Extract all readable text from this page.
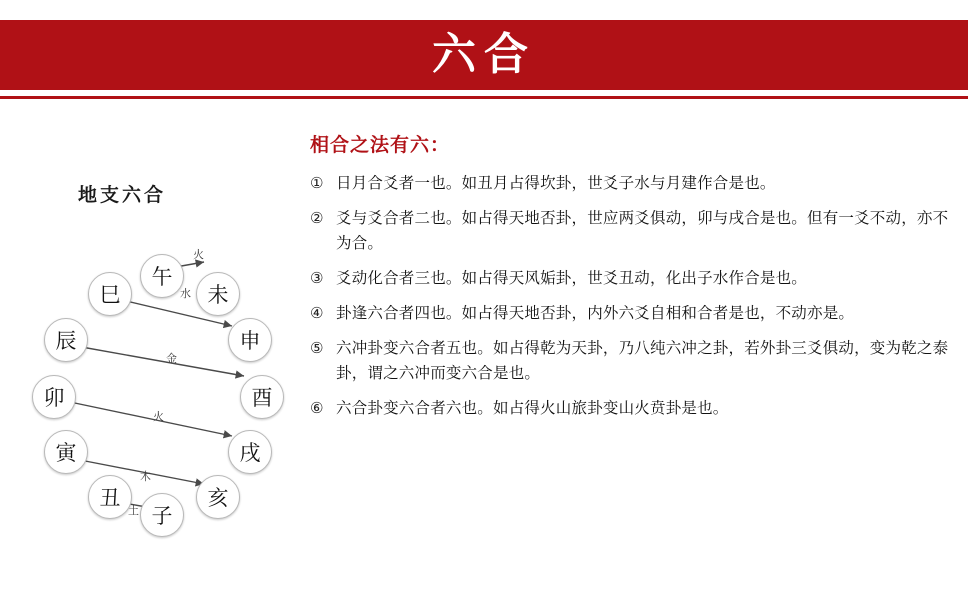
六合
地支六合
巳
午
未
申
酉
戌
亥
子
丑
寅
卯
辰
火
水
金
火
木
土
相合之法有六：
① 日月合爻者一也。如丑月占得坎卦，世爻子水与月建作合是也。
② 爻与爻合者二也。如占得天地否卦，世应两爻俱动，卯与戌合是也。但有一爻不动，亦不为合。
③ 爻动化合者三也。如占得天风姤卦，世爻丑动，化出子水作合是也。
④ 卦逢六合者四也。如占得天地否卦，内外六爻自相和合者是也，不动亦是。
⑤ 六冲卦变六合者五也。如占得乾为天卦，乃八纯六冲之卦，若外卦三爻俱动，变为乾之泰卦，谓之六冲而变六合是也。
⑥ 六合卦变六合者六也。如占得火山旅卦变山火贲卦是也。
